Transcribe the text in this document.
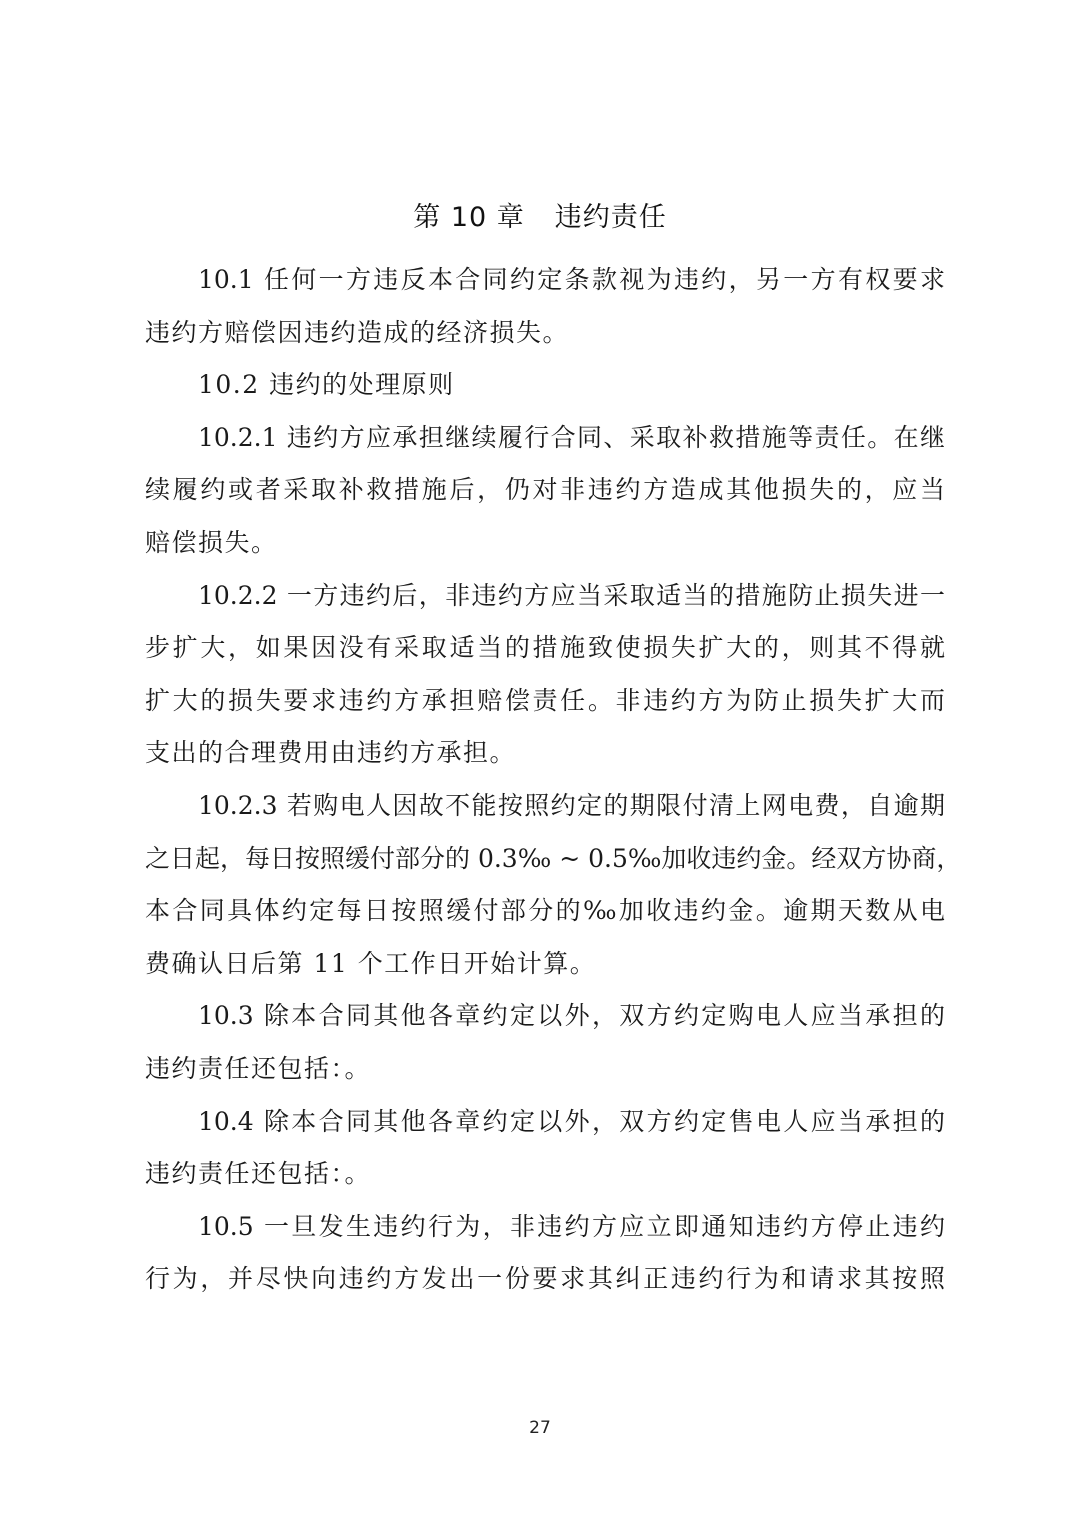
第 10 章 违约责任
10.1 任何一方违反本合同约定条款视为违约，另一方有权要求
违约方赔偿因违约造成的经济损失。
10.2 违约的处理原则
10.2.1 违约方应承担继续履行合同、采取补救措施等责任。在继
续履约或者采取补救措施后，仍对非违约方造成其他损失的，应当
赔偿损失。
10.2.2 一方违约后，非违约方应当采取适当的措施防止损失进一
步扩大，如果因没有采取适当的措施致使损失扩大的，则其不得就
扩大的损失要求违约方承担赔偿责任。非违约方为防止损失扩大而
支出的合理费用由违约方承担。
10.2.3 若购电人因故不能按照约定的期限付清上网电费，自逾期
之日起，每日按照缓付部分的 0.3‰ ~ 0.5‰加收违约金。经双方协商，
本合同具体约定每日按照缓付部分的‰加收违约金。逾期天数从电
费确认日后第 11 个工作日开始计算。
10.3 除本合同其他各章约定以外，双方约定购电人应当承担的
违约责任还包括：。
10.4 除本合同其他各章约定以外，双方约定售电人应当承担的
违约责任还包括：。
10.5 一旦发生违约行为，非违约方应立即通知违约方停止违约
行为，并尽快向违约方发出一份要求其纠正违约行为和请求其按照
27
